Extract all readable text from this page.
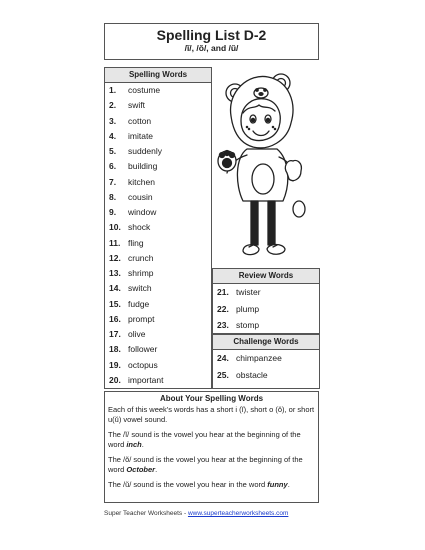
Spelling List D-2
/ĭ/, /ŏ/, and /ŭ/
Spelling Words
1. costume
2. swift
3. cotton
4. imitate
5. suddenly
6. building
7. kitchen
8. cousin
9. window
10. shock
11. fling
12. crunch
13. shrimp
14. switch
15. fudge
16. prompt
17. olive
18. follower
19. octopus
20. important
Review Words
21. twister
22. plump
23. stomp
Challenge Words
24. chimpanzee
25. obstacle
About Your Spelling Words

Each of this week's words has a short i (ĭ), short o (ŏ), or short u(ŭ) vowel sound.

The /ĭ/ sound is the vowel you hear at the beginning of the word inch.

The /ŏ/ sound is the vowel you hear at the beginning of the word October.

The /ŭ/ sound is the vowel you hear in the word funny.

Super Teacher Worksheets - www.superteacherworksheets.com
